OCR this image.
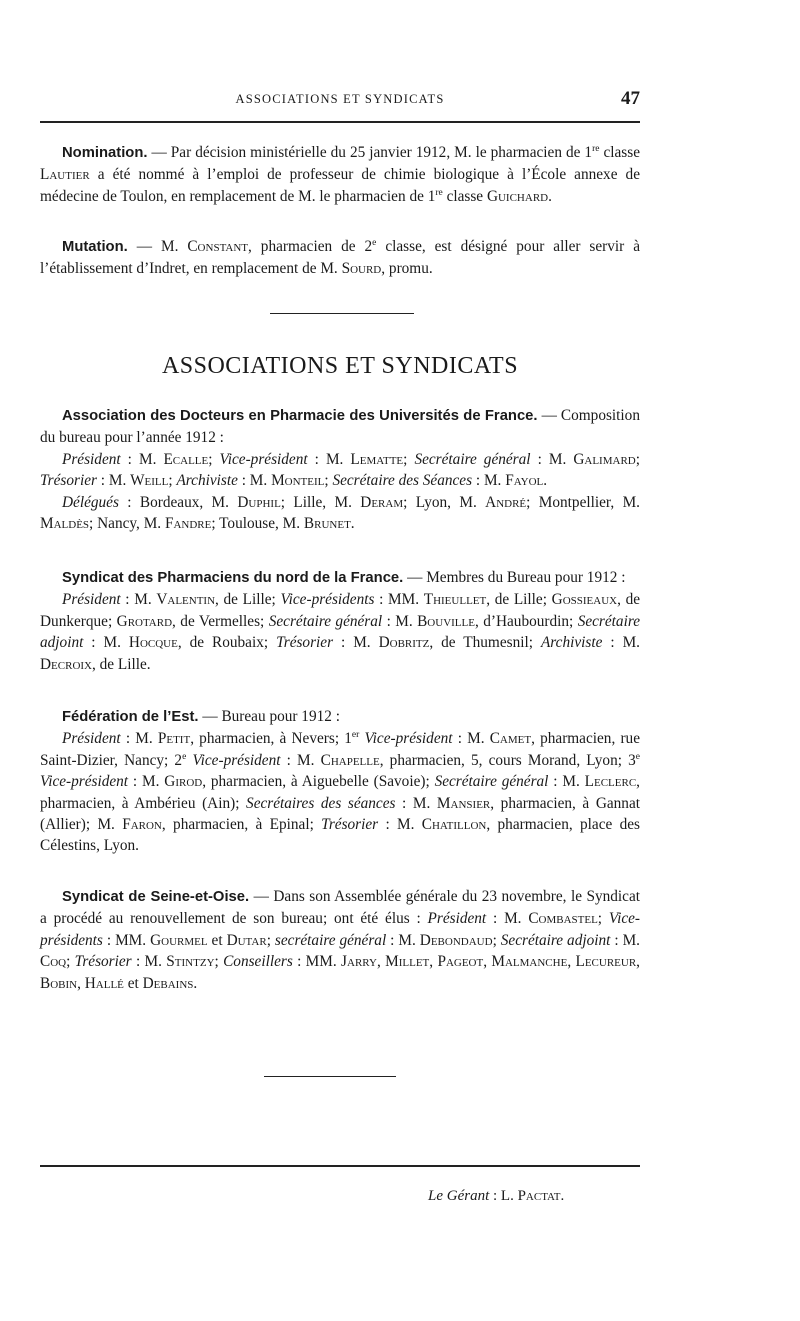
ASSOCIATIONS ET SYNDICATS	47

Nomination. — Par décision ministérielle du 25 janvier 1912, M. le pharmacien de 1re classe Lautier a été nommé à l’emploi de professeur de chimie biologique à l’École annexe de médecine de Toulon, en remplacement de M. le pharmacien de 1re classe Guichard.

Mutation. — M. Constant, pharmacien de 2e classe, est désigné pour aller servir à l’établissement d’Indret, en remplacement de M. Sourd, promu.

ASSOCIATIONS ET SYNDICATS

Association des Docteurs en Pharmacie des Universités de France. — Composition du bureau pour l’année 1912 :

Président : M. Ecalle; Vice-président : M. Lematte; Secrétaire général : M. Galimard; Trésorier : M. Weill; Archiviste : M. Monteil; Secrétaire des Séances : M. Fayol.

Délégués : Bordeaux, M. Duphil; Lille, M. Deram; Lyon, M. André; Montpellier, M. Maldès; Nancy, M. Fandre; Toulouse, M. Brunet.

Syndicat des Pharmaciens du nord de la France. — Membres du Bureau pour 1912 :

Président : M. Valentin, de Lille; Vice-présidents : MM. Thieullet, de Lille; Gossieaux, de Dunkerque; Grotard, de Vermelles; Secrétaire général : M. Bouville, d’Haubourdin; Secrétaire adjoint : M. Hocque, de Roubaix; Trésorier : M. Dobritz, de Thumesnil; Archiviste : M. Decroix, de Lille.

Fédération de l’Est. — Bureau pour 1912 :

Président : M. Petit, pharmacien, à Nevers; 1er Vice-président : M. Camet, pharmacien, rue Saint-Dizier, Nancy; 2e Vice-président : M. Chapelle, pharmacien, 5, cours Morand, Lyon; 3e Vice-président : M. Girod, pharmacien, à Aiguebelle (Savoie); Secrétaire général : M. Leclerc, pharmacien, à Ambérieu (Ain); Secrétaires des séances : M. Mansier, pharmacien, à Gannat (Allier); M. Faron, pharmacien, à Epinal; Trésorier : M. Chatillon, pharmacien, place des Célestins, Lyon.

Syndicat de Seine-et-Oise. — Dans son Assemblée générale du 23 novembre, le Syndicat a procédé au renouvellement de son bureau; ont été élus : Président : M. Combastel; Vice-présidents : MM. Gourmel et Dutar; secrétaire général : M. Debondaud; Secrétaire adjoint : M. Coq; Trésorier : M. Stintzy; Conseillers : MM. Jarry, Millet, Pageot, Malmanche, Lecureur, Bobin, Hallé et Debains.

Le Gérant : L. Pactat.
